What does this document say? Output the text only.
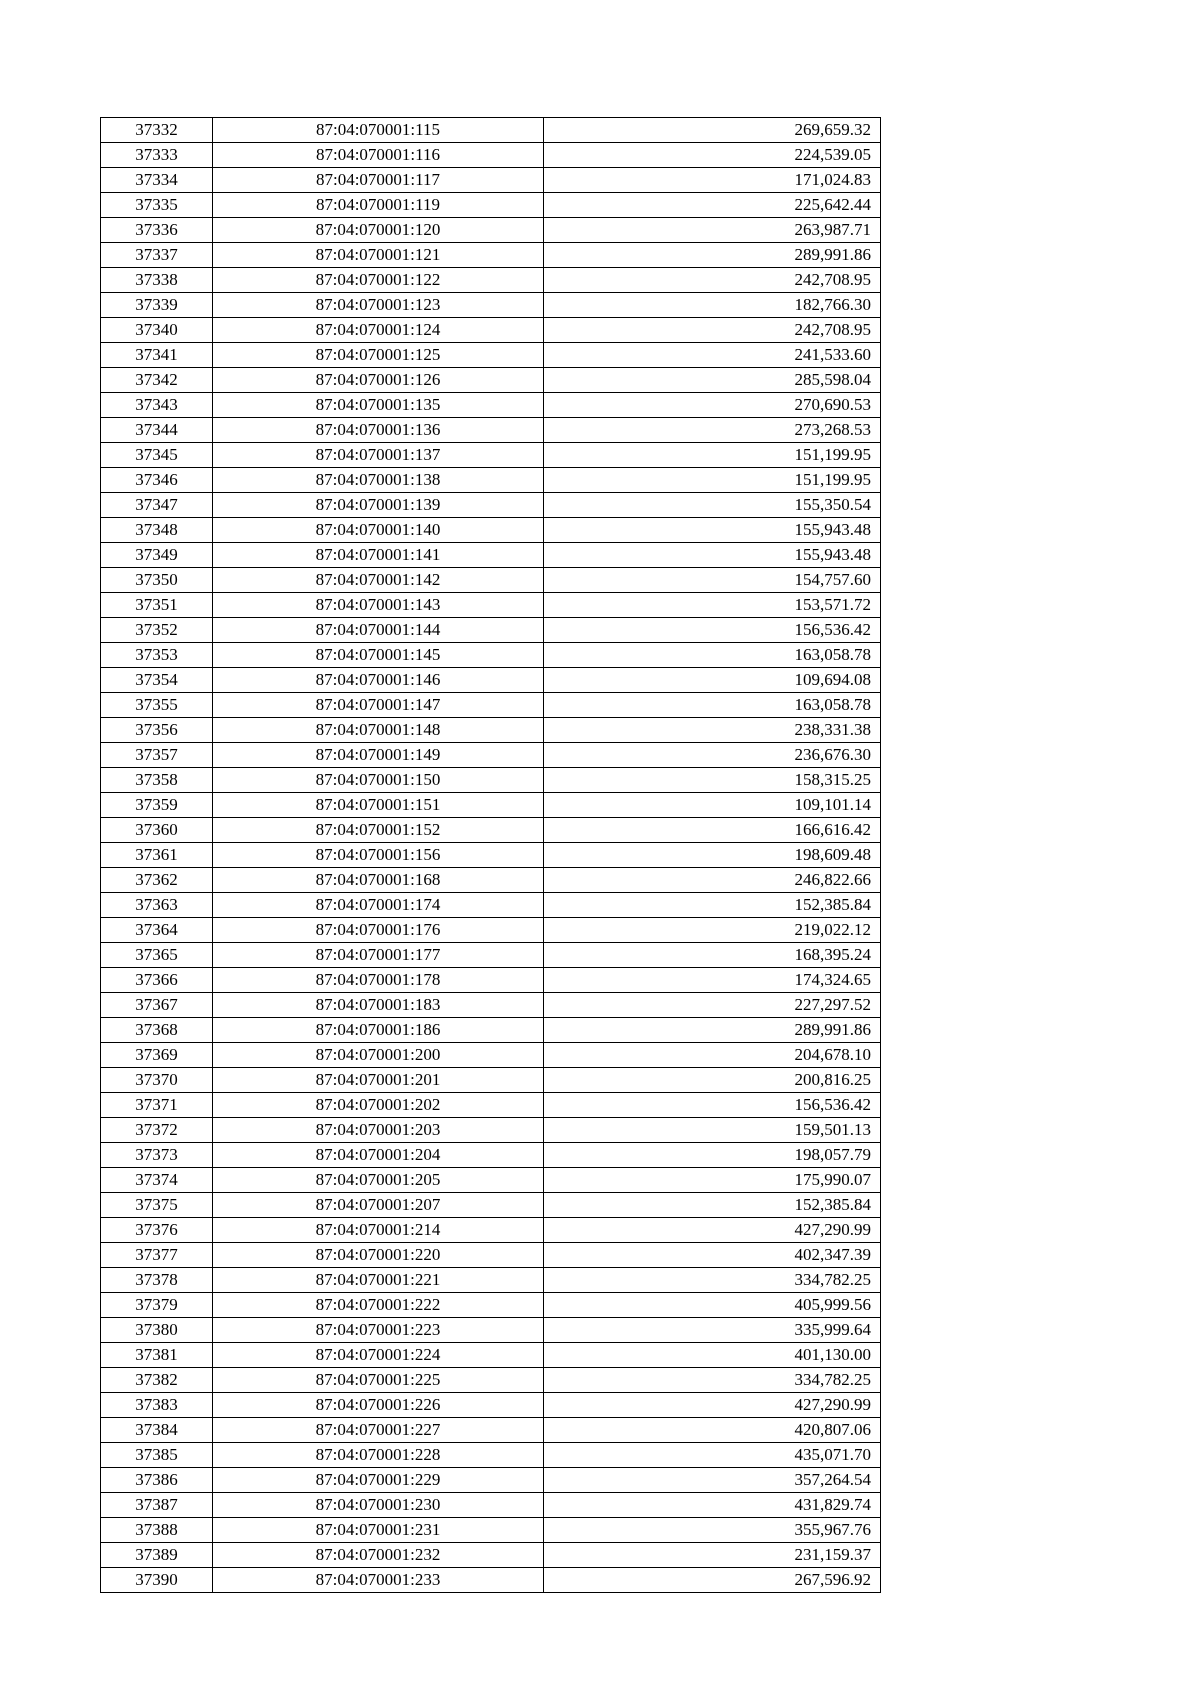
37332	87:04:070001:115	269,659.32
37333	87:04:070001:116	224,539.05
37334	87:04:070001:117	171,024.83
37335	87:04:070001:119	225,642.44
37336	87:04:070001:120	263,987.71
37337	87:04:070001:121	289,991.86
37338	87:04:070001:122	242,708.95
37339	87:04:070001:123	182,766.30
37340	87:04:070001:124	242,708.95
37341	87:04:070001:125	241,533.60
37342	87:04:070001:126	285,598.04
37343	87:04:070001:135	270,690.53
37344	87:04:070001:136	273,268.53
37345	87:04:070001:137	151,199.95
37346	87:04:070001:138	151,199.95
37347	87:04:070001:139	155,350.54
37348	87:04:070001:140	155,943.48
37349	87:04:070001:141	155,943.48
37350	87:04:070001:142	154,757.60
37351	87:04:070001:143	153,571.72
37352	87:04:070001:144	156,536.42
37353	87:04:070001:145	163,058.78
37354	87:04:070001:146	109,694.08
37355	87:04:070001:147	163,058.78
37356	87:04:070001:148	238,331.38
37357	87:04:070001:149	236,676.30
37358	87:04:070001:150	158,315.25
37359	87:04:070001:151	109,101.14
37360	87:04:070001:152	166,616.42
37361	87:04:070001:156	198,609.48
37362	87:04:070001:168	246,822.66
37363	87:04:070001:174	152,385.84
37364	87:04:070001:176	219,022.12
37365	87:04:070001:177	168,395.24
37366	87:04:070001:178	174,324.65
37367	87:04:070001:183	227,297.52
37368	87:04:070001:186	289,991.86
37369	87:04:070001:200	204,678.10
37370	87:04:070001:201	200,816.25
37371	87:04:070001:202	156,536.42
37372	87:04:070001:203	159,501.13
37373	87:04:070001:204	198,057.79
37374	87:04:070001:205	175,990.07
37375	87:04:070001:207	152,385.84
37376	87:04:070001:214	427,290.99
37377	87:04:070001:220	402,347.39
37378	87:04:070001:221	334,782.25
37379	87:04:070001:222	405,999.56
37380	87:04:070001:223	335,999.64
37381	87:04:070001:224	401,130.00
37382	87:04:070001:225	334,782.25
37383	87:04:070001:226	427,290.99
37384	87:04:070001:227	420,807.06
37385	87:04:070001:228	435,071.70
37386	87:04:070001:229	357,264.54
37387	87:04:070001:230	431,829.74
37388	87:04:070001:231	355,967.76
37389	87:04:070001:232	231,159.37
37390	87:04:070001:233	267,596.92
